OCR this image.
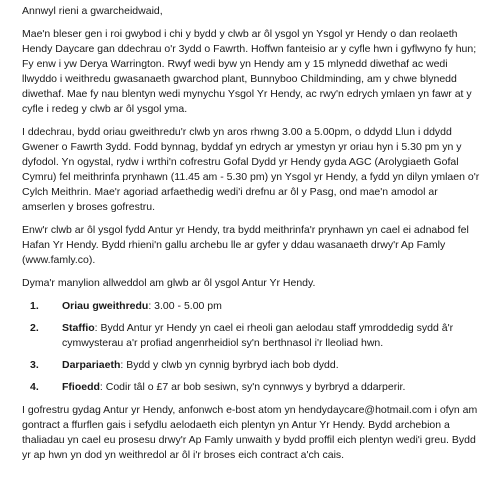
Annwyl rieni a gwarcheidwaid,

Mae'n bleser gen i roi gwybod i chi y bydd y clwb ar ôl ysgol yn Ysgol yr Hendy o dan reolaeth Hendy Daycare gan ddechrau o'r 3ydd o Fawrth. Hoffwn fanteisio ar y cyfle hwn i gyflwyno fy hun; Fy enw i yw Derya Warrington. Rwyf wedi byw yn Hendy am y 15 mlynedd diwethaf ac wedi llwyddo i weithredu gwasanaeth gwarchod plant, Bunnyboo Childminding, am y chwe blynedd diwethaf. Mae fy nau blentyn wedi mynychu Ysgol Yr Hendy, ac rwy'n edrych ymlaen yn fawr at y cyfle i redeg y clwb ar ôl ysgol yma.

I ddechrau, bydd oriau gweithredu'r clwb yn aros rhwng 3.00 a 5.00pm, o ddydd Llun i ddydd Gwener o Fawrth 3ydd. Fodd bynnag, byddaf yn edrych ar ymestyn yr oriau hyn i 5.30 pm yn y dyfodol. Yn ogystal, rydw i wrthi'n cofrestru Gofal Dydd yr Hendy gyda AGC (Arolygiaeth Gofal Cymru) fel meithrinfa prynhawn (11.45 am - 5.30 pm) yn Ysgol yr Hendy, a fydd yn dilyn ymlaen o'r Cylch Meithrin. Mae'r agoriad arfaethedig wedi'i drefnu ar ôl y Pasg, ond mae'n amodol ar amserlen y broses gofrestru.

Enw'r clwb ar ôl ysgol fydd Antur yr Hendy, tra bydd meithrinfa'r prynhawn yn cael ei adnabod fel Hafan Yr Hendy. Bydd rhieni'n gallu archebu lle ar gyfer y ddau wasanaeth drwy'r Ap Famly (www.famly.co).

Dyma'r manylion allweddol am glwb ar ôl ysgol Antur Yr Hendy.

1.	Oriau gweithredu: 3.00 - 5.00 pm
2.	Staffio: Bydd Antur yr Hendy yn cael ei rheoli gan aelodau staff ymroddedig sydd â'r cymwysterau a'r profiad angenrheidiol sy'n berthnasol i'r lleoliad hwn.
3.	Darpariaeth: Bydd y clwb yn cynnig byrbryd iach bob dydd.
4.	Ffioedd: Codir tâl o £7 ar bob sesiwn, sy'n cynnwys y byrbryd a ddarperir.

I gofrestru gydag Antur yr Hendy, anfonwch e-bost atom yn hendydaycare@hotmail.com i ofyn am gontract a ffurflen gais i sefydlu aelodaeth eich plentyn yn Antur Yr Hendy. Bydd archebion a thaliadau yn cael eu prosesu drwy'r Ap Famly unwaith y bydd proffil eich plentyn wedi'i greu. Bydd yr ap hwn yn dod yn weithredol ar ôl i'r broses eich contract a'ch cais.
